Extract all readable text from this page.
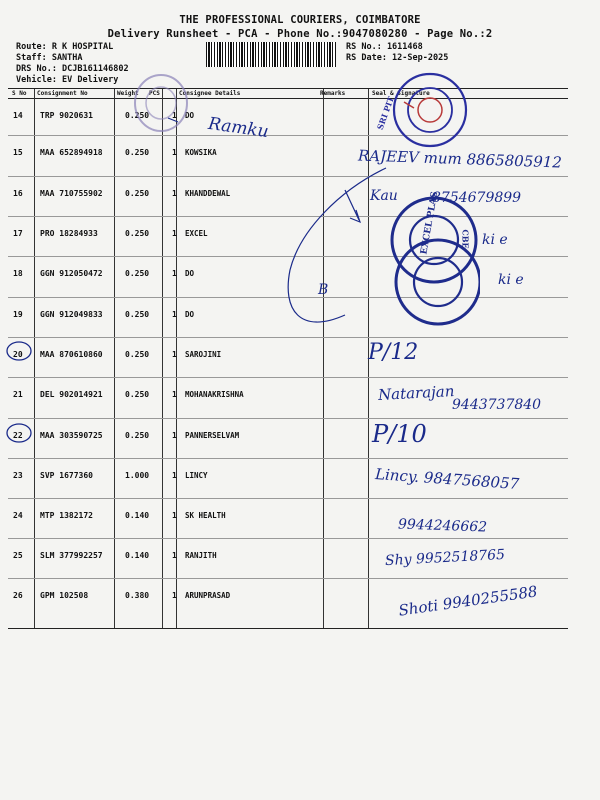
THE PROFESSIONAL COURIERS, COIMBATORE
Delivery Runsheet - PCA - Phone No.:9047080280 - Page No.:2
Route: R K HOSPITAL
Staff: SANTHA
DRS No.: DCJB161146802
Vehicle: EV Delivery
RS No.: 1611468
RS Date: 12-Sep-2025
S No Consignment No	Weight PCS	Consignee Details	Remarks	Seal & Signature
14 TRP 9020631	0.250	1 DO
15 MAA 652894918	0.250	1 KOWSIKA
16 MAA 710755902	0.250	1 KHANDDEWAL
17 PRO 18284933	0.250	1 EXCEL
18 GGN 912050472	0.250	1 DO
19 GGN 912049833	0.250	1 DO
20 MAA 870610860	0.250	1 SAROJINI
21 DEL 902014921	0.250	1 MOHANAKRISHNA
22 MAA 303590725	0.250	1 PANNERSELVAM
23 SVP 1677360	1.000	1 LINCY
24 MTP 1382172	0.140	1 SK HEALTH
25 SLM 377992257	0.140	1 RANJITH
26 GPM 102508	0.380	1 ARUNPRASAD
SRI PIT
EXCEL PLAS	CBE
Ramku
RAJEEV mum 8865805912
Kau 8754679899
ki e
ki e
B
P/12
Natarajan
9443737840
P/10
Lincy. 9847568057
9944246662
Shy 9952518765
Shoti 9940255588
